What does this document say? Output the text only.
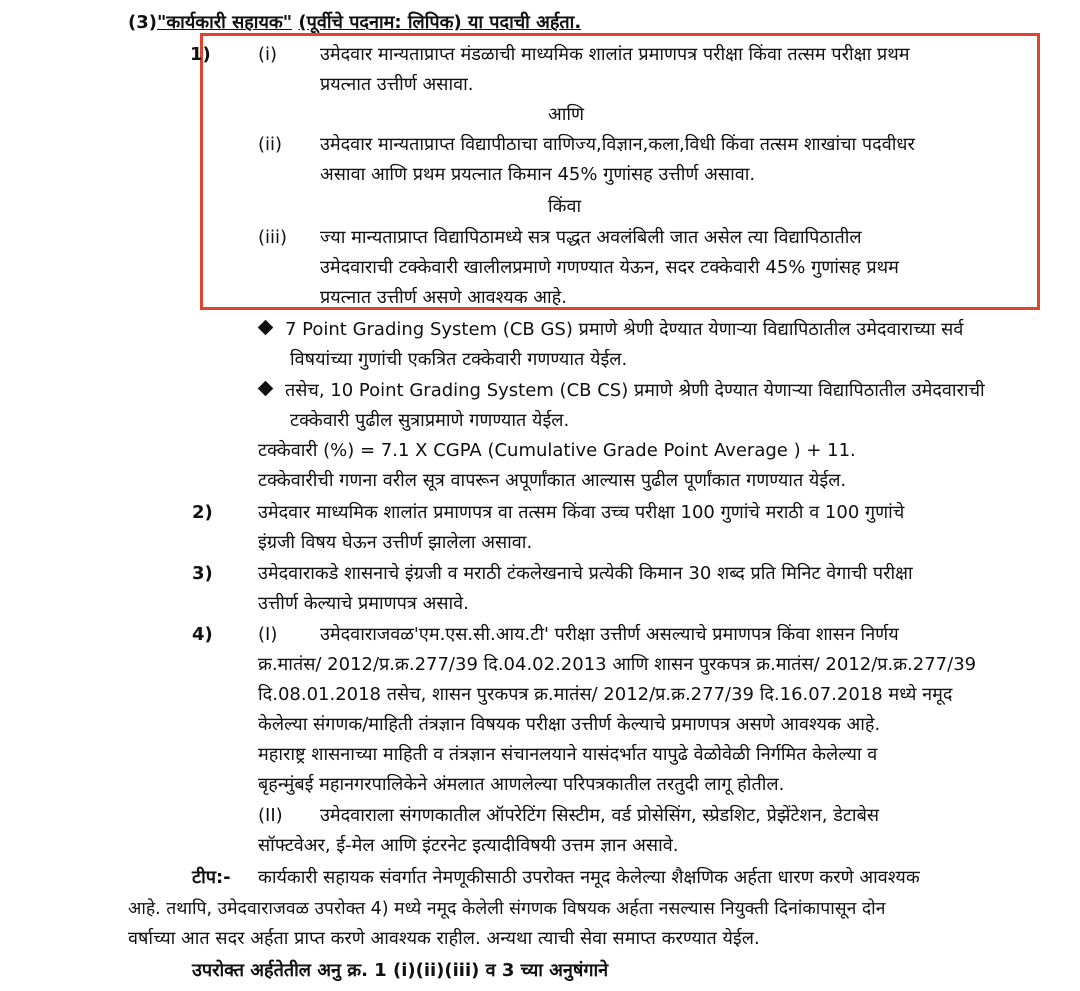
(3)"कार्यकारी सहायक" (पूर्वीचे पदनाम: लिपिक) या पदाची अर्हता.
1)	(i) उमेदवार मान्यताप्राप्त मंडळाची माध्यमिक शालांत प्रमाणपत्र परीक्षा किंवा तत्सम परीक्षा प्रथम
प्रयत्नात उत्तीर्ण असावा.
आणि
(ii) उमेदवार मान्यताप्राप्त विद्यापीठाचा वाणिज्य,विज्ञान,कला,विधी किंवा तत्सम शाखांचा पदवीधर
असावा आणि प्रथम प्रयत्नात किमान 45% गुणांसह उत्तीर्ण असावा.
किंवा
(iii) ज्या मान्यताप्राप्त विद्यापिठामध्ये सत्र पद्धत अवलंबिली जात असेल त्या विद्यापिठातील
उमेदवाराची टक्केवारी खालीलप्रमाणे गणण्यात येऊन, सदर टक्केवारी 45% गुणांसह प्रथम
प्रयत्नात उत्तीर्ण असणे आवश्यक आहे.
7 Point Grading System (CB GS) प्रमाणे श्रेणी देण्यात येणाऱ्या विद्यापिठातील उमेदवाराच्या सर्व
विषयांच्या गुणांची एकत्रित टक्केवारी गणण्यात येईल.
तसेच, 10 Point Grading System (CB CS) प्रमाणे श्रेणी देण्यात येणाऱ्या विद्यापिठातील उमेदवाराची
टक्केवारी पुढील सुत्राप्रमाणे गणण्यात येईल.
टक्केवारी (%) = 7.1 X CGPA (Cumulative Grade Point Average ) + 11.
टक्केवारीची गणना वरील सूत्र वापरून अपूर्णांकात आल्यास पुढील पूर्णांकात गणण्यात येईल.
2)	उमेदवार माध्यमिक शालांत प्रमाणपत्र वा तत्सम किंवा उच्च परीक्षा 100 गुणांचे मराठी व 100 गुणांचे
इंग्रजी विषय घेऊन उत्तीर्ण झालेला असावा.
3)	उमेदवाराकडे शासनाचे इंग्रजी व मराठी टंकलेखनाचे प्रत्येकी किमान 30 शब्द प्रति मिनिट वेगाची परीक्षा
उत्तीर्ण केल्याचे प्रमाणपत्र असावे.
4)	(I) उमेदवाराजवळ'एम.एस.सी.आय.टी' परीक्षा उत्तीर्ण असल्याचे प्रमाणपत्र किंवा शासन निर्णय
क्र.मातंस/ 2012/प्र.क्र.277/39 दि.04.02.2013 आणि शासन पुरकपत्र क्र.मातंस/ 2012/प्र.क्र.277/39
दि.08.01.2018 तसेच, शासन पुरकपत्र क्र.मातंस/ 2012/प्र.क्र.277/39 दि.16.07.2018 मध्ये नमूद
केलेल्या संगणक/माहिती तंत्रज्ञान विषयक परीक्षा उत्तीर्ण केल्याचे प्रमाणपत्र असणे आवश्यक आहे.
महाराष्ट्र शासनाच्या माहिती व तंत्रज्ञान संचानलयाने यासंदर्भात यापुढे वेळोवेळी निर्गमित केलेल्या व
बृहन्मुंबई महानगरपालिकेने अंमलात आणलेल्या परिपत्रकातील तरतुदी लागू होतील.
(II) उमेदवाराला संगणकातील ऑपरेटिंग सिस्टीम, वर्ड प्रोसेसिंग, स्प्रेडशिट, प्रेझेंटेशन, डेटाबेस
सॉफ्टवेअर, ई-मेल आणि इंटरनेट इत्यादीविषयी उत्तम ज्ञान असावे.
टीप:- कार्यकारी सहायक संवर्गात नेमणूकीसाठी उपरोक्त नमूद केलेल्या शैक्षणिक अर्हता धारण करणे आवश्यक
आहे. तथापि, उमेदवाराजवळ उपरोक्त 4) मध्ये नमूद केलेली संगणक विषयक अर्हता नसल्यास नियुक्ती दिनांकापासून दोन
वर्षाच्या आत सदर अर्हता प्राप्त करणे आवश्यक राहील. अन्यथा त्याची सेवा समाप्त करण्यात येईल.
उपरोक्त अर्हतेतील अनु क्र. 1 (i)(ii)(iii) व 3 च्या अनुषंगाने
